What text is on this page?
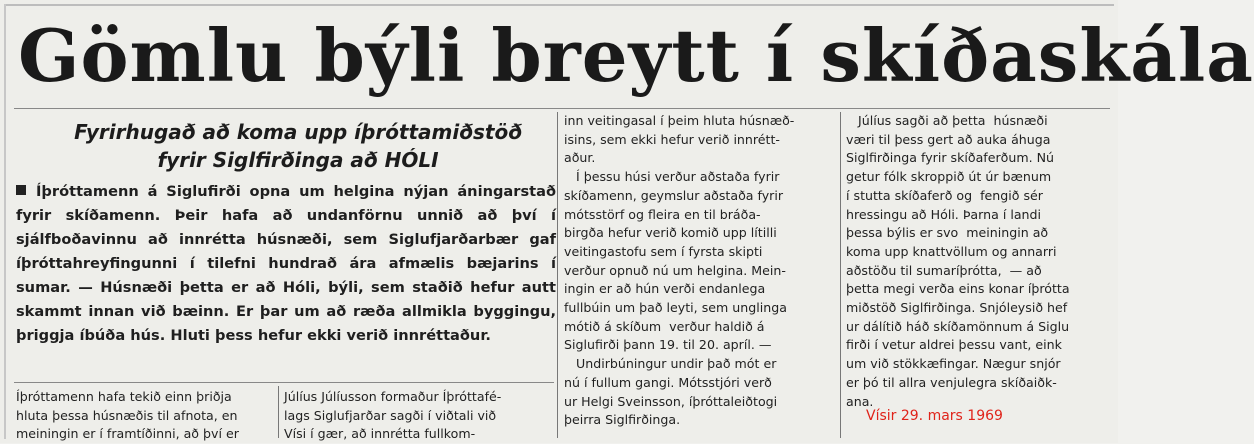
Gömlu býli breytt í skíðaskála
Fyrirhugað að koma upp íþróttamiðstöð
fyrir Siglfirðinga að HÓLI
Íþróttamenn á Siglufirði opna um helgina nýjan áningarstað fyrir skíðamenn. Þeir hafa að undanförnu unnið að því í sjálfboðavinnu að innrétta húsnæði, sem Siglufjarðarbær gaf íþróttahreyfingunni í tilefni hundrað ára afmælis bæjarins í sumar. — Húsnæði þetta er að Hóli, býli, sem staðið hefur autt skammt innan við bæinn. Er þar um að ræða allmikla byggingu, þriggja íbúða hús. Hluti þess hefur ekki verið innréttaður.
Íþróttamenn hafa tekið einn þriðja
hluta þessa húsnæðis til afnota, en
meiningin er í framtíðinni, að því er
Júlíus Júlíusson formaður Íþróttafé-
lags Siglufjarðar sagði í viðtali við
Vísi í gær, að innrétta fullkom-
inn veitingasal í þeim hluta húsnæð-
isins, sem ekki hefur verið innrétt-
aður.
Í þessu húsi verður aðstaða fyrir
skíðamenn, geymslur aðstaða fyrir
mótsstörf og fleira en til bráða-
birgða hefur verið komið upp lítilli
veitingastofu sem í fyrsta skipti
verður opnuð nú um helgina. Mein-
ingin er að hún verði endanlega
fullbúin um það leyti, sem unglinga
mótið á skíðum  verður haldið á
Siglufirði þann 19. til 20. apríl. —
Undirbúningur undir það mót er
nú í fullum gangi. Mótsstjóri verð
ur Helgi Sveinsson, íþróttaleiðtogi
þeirra Siglfirðinga.
Júlíus sagði að þetta  húsnæði
væri til þess gert að auka áhuga
Siglfirðinga fyrir skíðaferðum. Nú
getur fólk skroppið út úr bænum
í stutta skíðaferð og  fengið sér
hressingu að Hóli. Þarna í landi
þessa býlis er svo  meiningin að
koma upp knattvöllum og annarri
aðstöðu til sumaríþrótta,  — að
þetta megi verða eins konar íþrótta
miðstöð Siglfirðinga. Snjóleysið hef
ur dálítið háð skíðamönnum á Siglu
firði í vetur aldrei þessu vant, eink
um við stökkæfingar. Nægur snjór
er þó til allra venjulegra skíðaiðk-
ana.
Vísir 29. mars 1969
